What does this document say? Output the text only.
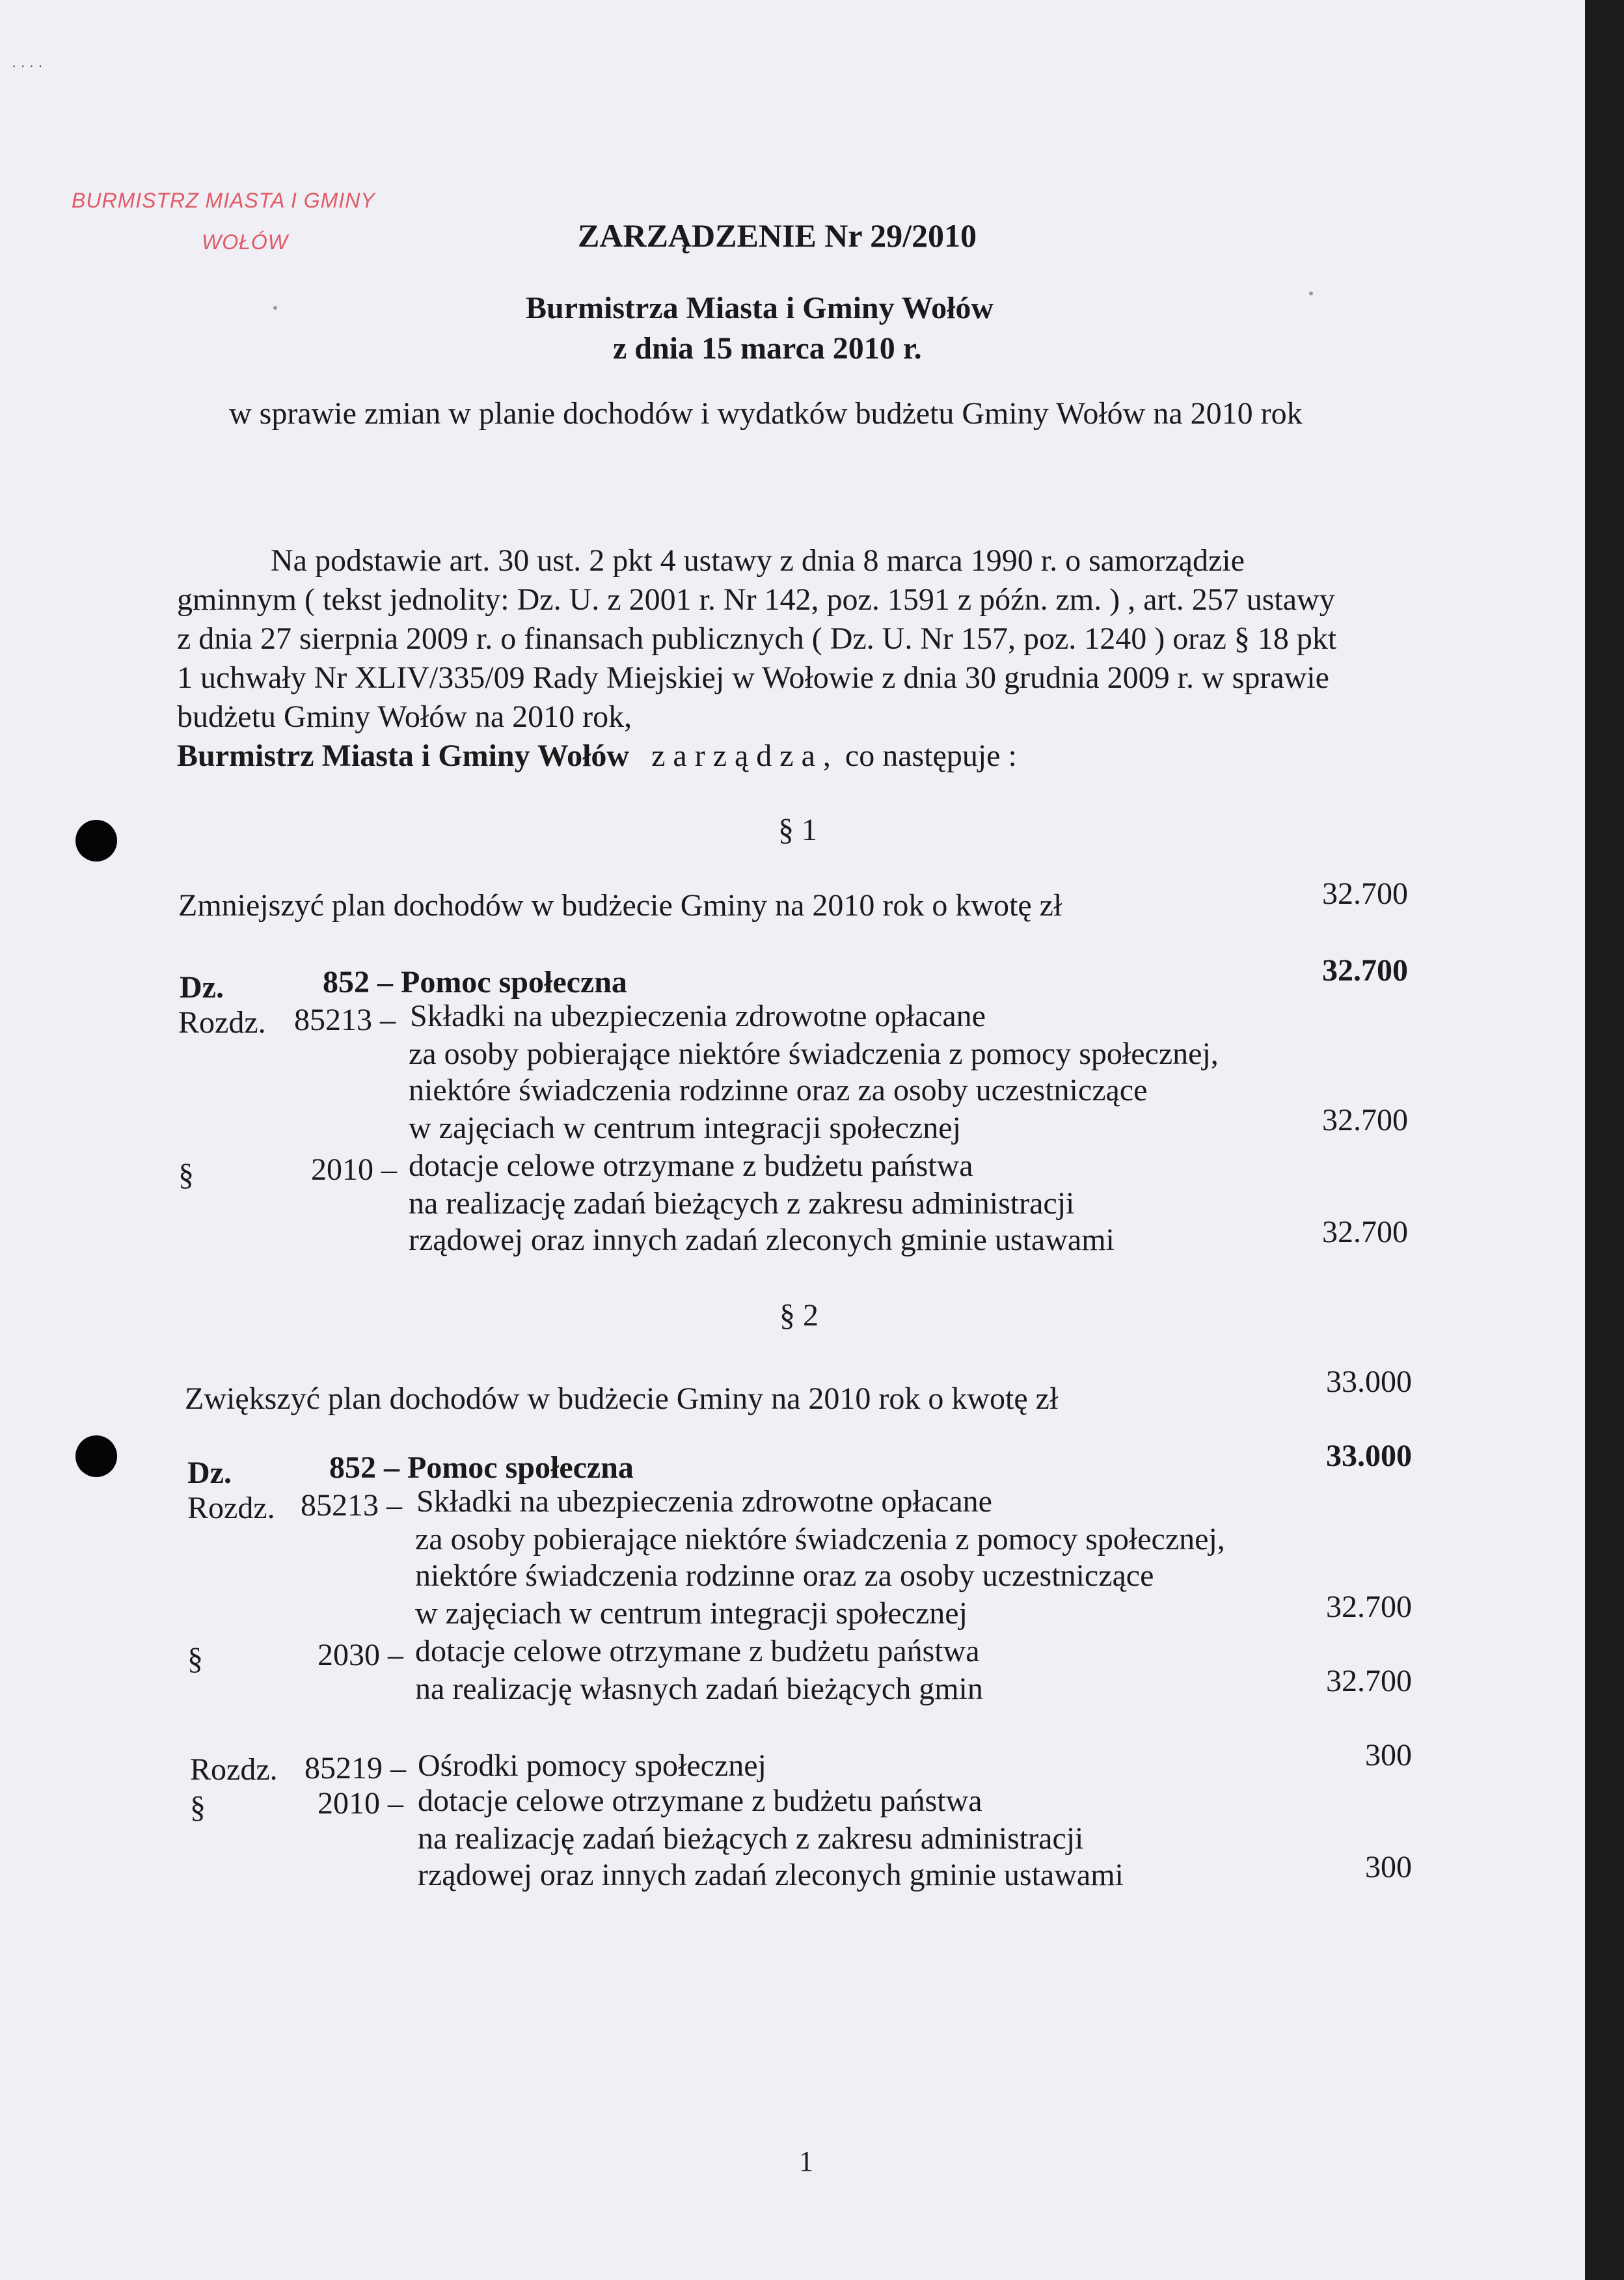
· · · ·
BURMISTRZ MIASTA I GMINY
WOŁÓW	ZARZĄDZENIE Nr 29/2010
Burmistrza Miasta i Gminy Wołów
z dnia 15 marca 2010 r.
w sprawie zmian w planie dochodów i wydatków budżetu Gminy Wołów na 2010 rok
Na podstawie art. 30 ust. 2 pkt 4 ustawy z dnia 8 marca 1990 r. o samorządzie
gminnym ( tekst jednolity: Dz. U. z 2001 r. Nr 142, poz. 1591 z późn. zm. ) , art. 257 ustawy
z dnia 27 sierpnia 2009 r. o finansach publicznych ( Dz. U. Nr 157, poz. 1240 ) oraz § 18 pkt
1 uchwały Nr XLIV/335/09 Rady Miejskiej w Wołowie z dnia 30 grudnia 2009 r. w sprawie
budżetu Gminy Wołów na 2010 rok,
Burmistrz Miasta i Gminy Wołów z a r z ą d z a , co następuje :
§ 1
Zmniejszyć plan dochodów w budżecie Gminy na 2010 rok o kwotę zł	32.700
Dz.	852 – Pomoc społeczna	32.700
Rozdz. 85213 – Składki na ubezpieczenia zdrowotne opłacane
za osoby pobierające niektóre świadczenia z pomocy społecznej,
niektóre świadczenia rodzinne oraz za osoby uczestniczące
w zajęciach w centrum integracji społecznej	32.700
§	2010 – dotacje celowe otrzymane z budżetu państwa
na realizację zadań bieżących z zakresu administracji
rządowej oraz innych zadań zleconych gminie ustawami	32.700
§ 2
Zwiększyć plan dochodów w budżecie Gminy na 2010 rok o kwotę zł	33.000
Dz.	852 – Pomoc społeczna	33.000
Rozdz. 85213 – Składki na ubezpieczenia zdrowotne opłacane
za osoby pobierające niektóre świadczenia z pomocy społecznej,
niektóre świadczenia rodzinne oraz za osoby uczestniczące
w zajęciach w centrum integracji społecznej	32.700
§	2030 – dotacje celowe otrzymane z budżetu państwa
na realizację własnych zadań bieżących gmin	32.700
Rozdz. 85219 – Ośrodki pomocy społecznej	300
§	2010 – dotacje celowe otrzymane z budżetu państwa
na realizację zadań bieżących z zakresu administracji
rządowej oraz innych zadań zleconych gminie ustawami	300
1
